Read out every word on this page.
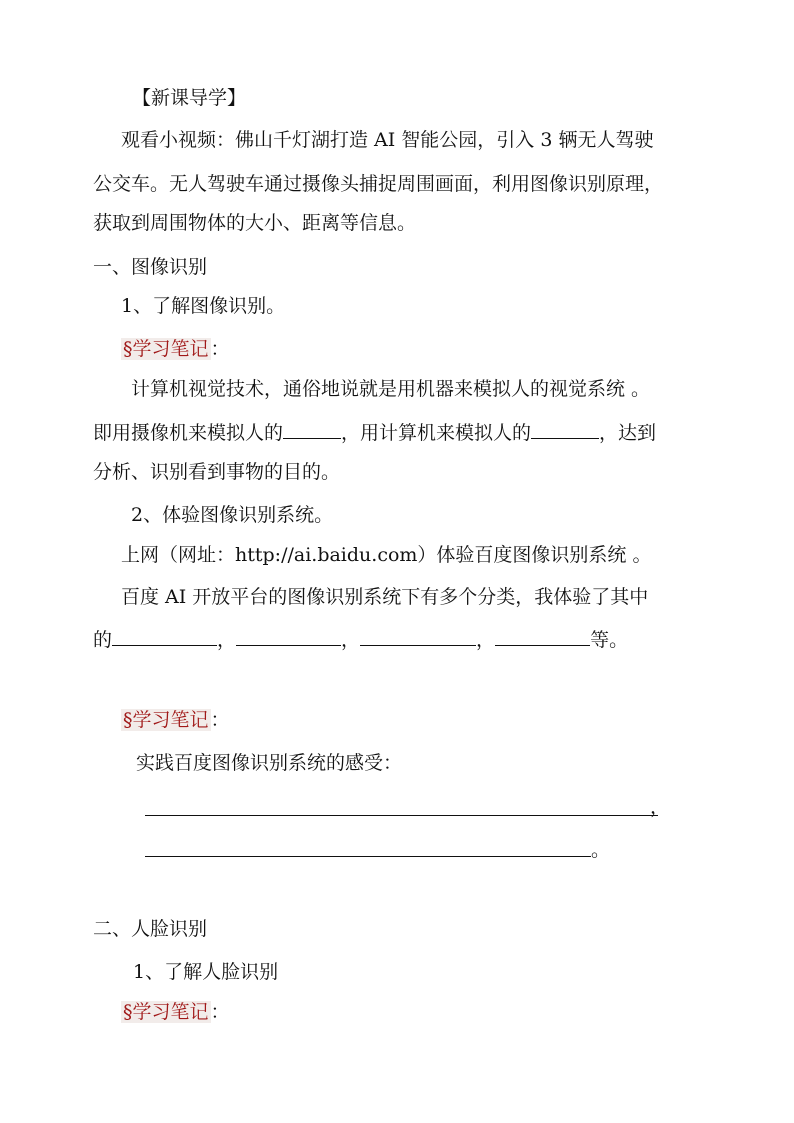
【新课导学】
观看小视频：佛山千灯湖打造 AI 智能公园，引入 3 辆无人驾驶
公交车。无人驾驶车通过摄像头捕捉周围画面，利用图像识别原理，
获取到周围物体的大小、距离等信息。
一、图像识别
1、了解图像识别。
§学习笔记 ：
计算机视觉技术，通俗地说就是用机器来模拟人的视觉系统 。
即用摄像机来模拟人的	，用计算机来模拟人的	，达到
分析、识别看到事物的目的。
2、体验图像识别系统。
上网（网址：http://ai.baidu.com）体验百度图像识别系统 。
百度 AI 开放平台的图像识别系统下有多个分类，我体验了其中
的	，	，	，	等。
§学习笔记 ：
实践百度图像识别系统的感受：
，
。
二、人脸识别
1、了解人脸识别
§学习笔记 ：
